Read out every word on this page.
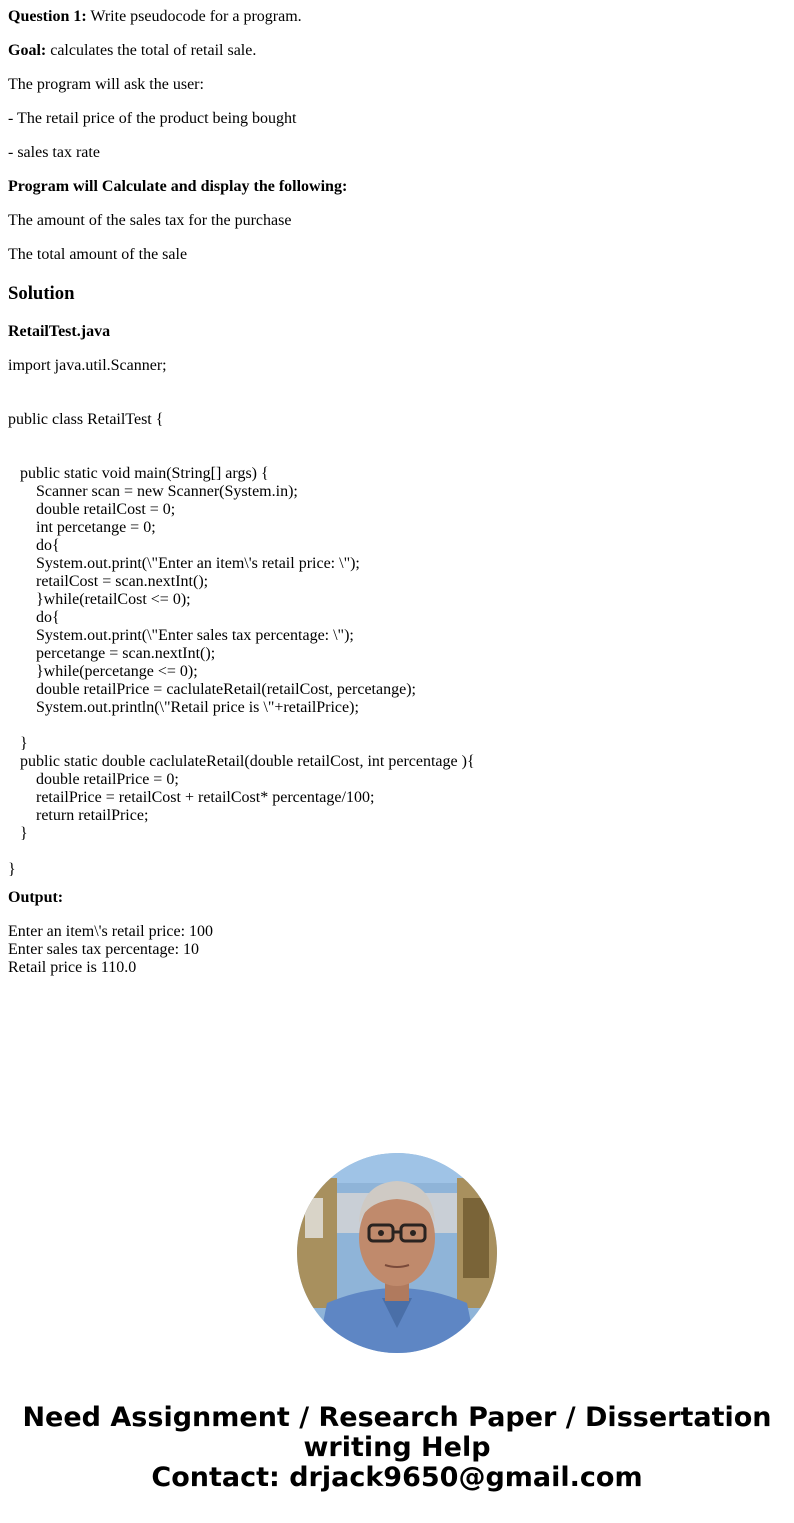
Question 1: Write pseudocode for a program.

Goal: calculates the total of retail sale.

The program will ask the user:

- The retail price of the product being bought

- sales tax rate

Program will Calculate and display the following:

The amount of the sales tax for the purchase

The total amount of the sale

Solution

RetailTest.java

import java.util.Scanner;

public class RetailTest {

public static void main(String[] args) {
Scanner scan = new Scanner(System.in);
double retailCost = 0;
int percetange = 0;
do{
System.out.print(\"Enter an item\'s retail price: \");
retailCost = scan.nextInt();
}while(retailCost <= 0);
do{
System.out.print(\"Enter sales tax percentage: \");
percetange = scan.nextInt();
}while(percetange <= 0);
double retailPrice = caclulateRetail(retailCost, percetange);
System.out.println(\"Retail price is \"+retailPrice);

}
public static double caclulateRetail(double retailCost, int percentage ){
double retailPrice = 0;
retailPrice = retailCost + retailCost* percentage/100;
return retailPrice;
}

}

Output:

Enter an item\'s retail price: 100
Enter sales tax percentage: 10
Retail price is 110.0

Need Assignment / Research Paper / Dissertation
writing Help
Contact: drjack9650@gmail.com
